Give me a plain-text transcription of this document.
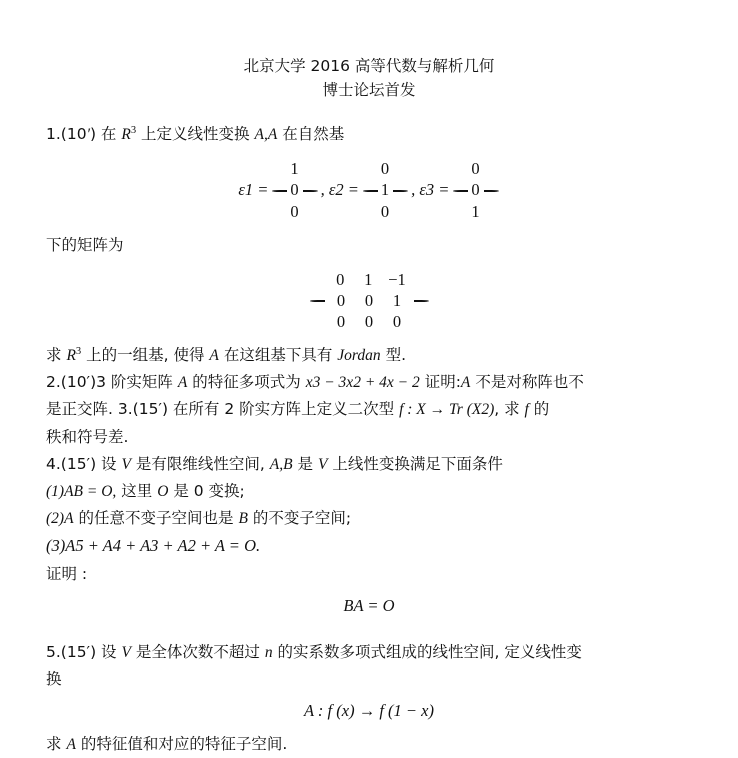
北京大学 2016 高等代数与解析几何
博士论坛首发

1.(10′) 在 $R^3$ 上定义线性变换 A,A 在自然基

ε1 =
1
0
0
, ε2 =
0
1
0
, ε3 =
0
0
1

下的矩阵为

0	1 −1
0	0	1
0	0	0

求 $R^3$ 上的一组基, 使得 A 在这组基下具有 Jordan 型.

2.(10′)3 阶实矩阵 A 的特征多项式为 x3 − 3x2 + 4x − 2 证明:A 不是对称阵也不

是正交阵. 3.(15′) 在所有 2 阶实方阵上定义二次型 f : X → Tr (X2), 求 f 的

秩和符号差.

4.(15′) 设 V 是有限维线性空间, A,B 是 V 上线性变换满足下面条件

(1)AB = O, 这里 O 是 0 变换;

(2)A 的任意不变子空间也是 B 的不变子空间;

(3)A5 + A4 + A3 + A2 + A = O.

证明 :

BA = O

5.(15′) 设 V 是全体次数不超过 n 的实系数多项式组成的线性空间, 定义线性变

换

A : f (x) → f (1 − x)

求 A 的特征值和对应的特征子空间.
